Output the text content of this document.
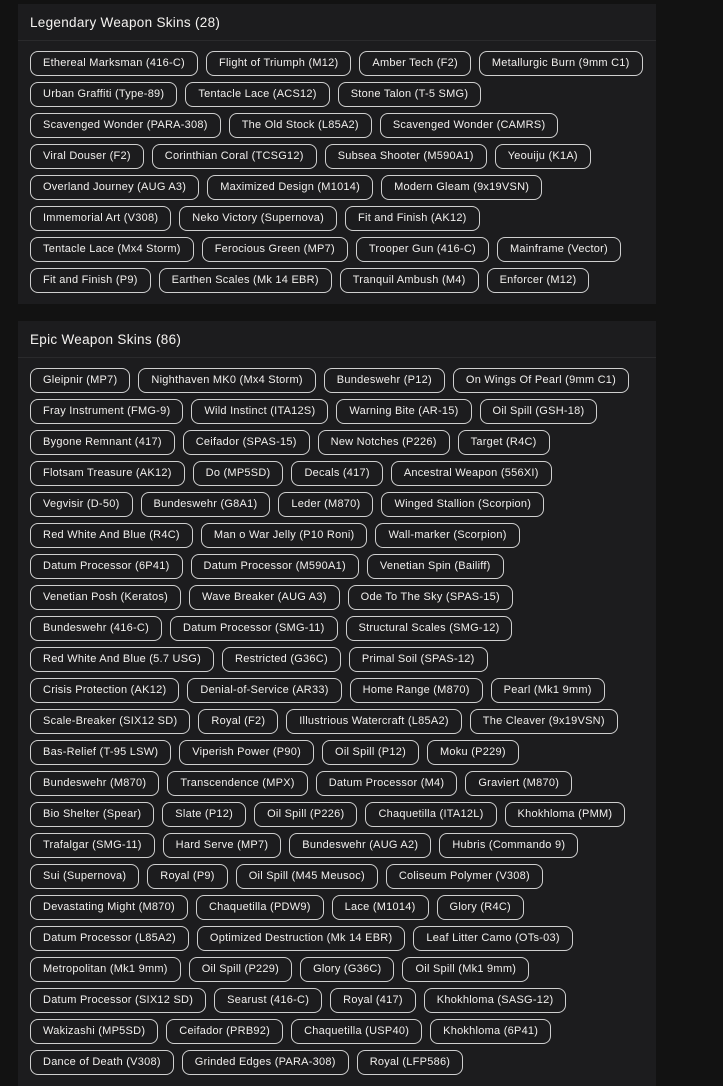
Legendary Weapon Skins (28)
Ethereal Marksman (416-C)	Flight of Triumph (M12)	Amber Tech (F2)	Metallurgic Burn (9mm C1)
Urban Graffiti (Type-89)	Tentacle Lace (ACS12)	Stone Talon (T-5 SMG)
Scavenged Wonder (PARA-308)	The Old Stock (L85A2)	Scavenged Wonder (CAMRS)
Viral Douser (F2)	Corinthian Coral (TCSG12)	Subsea Shooter (M590A1)	Yeouiju (K1A)
Overland Journey (AUG A3)	Maximized Design (M1014)	Modern Gleam (9x19VSN)
Immemorial Art (V308)	Neko Victory (Supernova)	Fit and Finish (AK12)
Tentacle Lace (Mx4 Storm)	Ferocious Green (MP7)	Trooper Gun (416-C)	Mainframe (Vector)
Fit and Finish (P9)	Earthen Scales (Mk 14 EBR)	Tranquil Ambush (M4)	Enforcer (M12)
Epic Weapon Skins (86)
Gleipnir (MP7)	Nighthaven MK0 (Mx4 Storm)	Bundeswehr (P12)	On Wings Of Pearl (9mm C1)
Fray Instrument (FMG-9)	Wild Instinct (ITA12S)	Warning Bite (AR-15)	Oil Spill (GSH-18)
Bygone Remnant (417)	Ceifador (SPAS-15)	New Notches (P226)	Target (R4C)
Flotsam Treasure (AK12)	Do (MP5SD)	Decals (417)	Ancestral Weapon (556XI)
Vegvisir (D-50)	Bundeswehr (G8A1)	Leder (M870)	Winged Stallion (Scorpion)
Red White And Blue (R4C)	Man o War Jelly (P10 Roni)	Wall-marker (Scorpion)
Datum Processor (6P41)	Datum Processor (M590A1)	Venetian Spin (Bailiff)
Venetian Posh (Keratos)	Wave Breaker (AUG A3)	Ode To The Sky (SPAS-15)
Bundeswehr (416-C)	Datum Processor (SMG-11)	Structural Scales (SMG-12)
Red White And Blue (5.7 USG)	Restricted (G36C)	Primal Soil (SPAS-12)
Crisis Protection (AK12)	Denial-of-Service (AR33)	Home Range (M870)	Pearl (Mk1 9mm)
Scale-Breaker (SIX12 SD)	Royal (F2)	Illustrious Watercraft (L85A2)	The Cleaver (9x19VSN)
Bas-Relief (T-95 LSW)	Viperish Power (P90)	Oil Spill (P12)	Moku (P229)
Bundeswehr (M870)	Transcendence (MPX)	Datum Processor (M4)	Graviert (M870)
Bio Shelter (Spear)	Slate (P12)	Oil Spill (P226)	Chaquetilla (ITA12L)	Khokhloma (PMM)
Trafalgar (SMG-11)	Hard Serve (MP7)	Bundeswehr (AUG A2)	Hubris (Commando 9)
Sui (Supernova)	Royal (P9)	Oil Spill (M45 Meusoc)	Coliseum Polymer (V308)
Devastating Might (M870)	Chaquetilla (PDW9)	Lace (M1014)	Glory (R4C)
Datum Processor (L85A2)	Optimized Destruction (Mk 14 EBR)	Leaf Litter Camo (OTs-03)
Metropolitan (Mk1 9mm)	Oil Spill (P229)	Glory (G36C)	Oil Spill (Mk1 9mm)
Datum Processor (SIX12 SD)	Searust (416-C)	Royal (417)	Khokhloma (SASG-12)
Wakizashi (MP5SD)	Ceifador (PRB92)	Chaquetilla (USP40)	Khokhloma (6P41)
Dance of Death (V308)	Grinded Edges (PARA-308)	Royal (LFP586)
